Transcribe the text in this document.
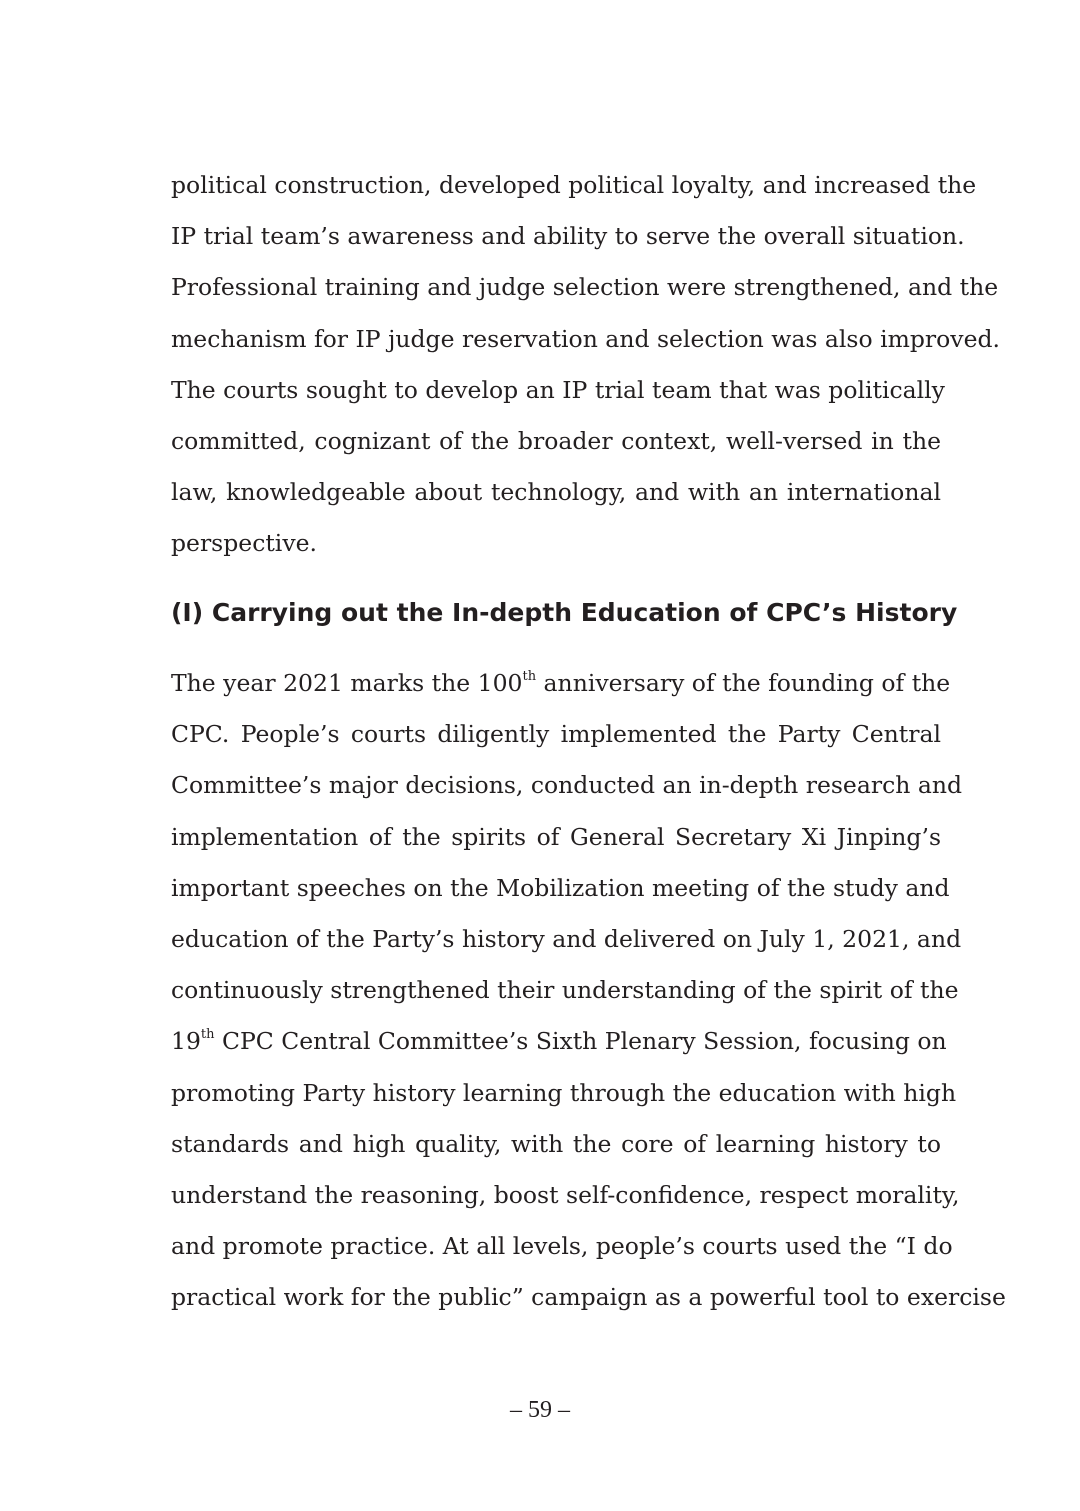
political construction, developed political loyalty, and increased the
IP trial team’s awareness and ability to serve the overall situation.
Professional training and judge selection were strengthened, and the
mechanism for IP judge reservation and selection was also improved.
The courts sought to develop an IP trial team that was politically
committed, cognizant of the broader context, well-versed in the
law, knowledgeable about technology, and with an international
perspective.
(I) Carrying out the In-depth Education of CPC’s History
The year 2021 marks the 100th anniversary of the founding of the
CPC. People’s courts diligently implemented the Party Central
Committee’s major decisions, conducted an in-depth research and
implementation of the spirits of General Secretary Xi Jinping’s
important speeches on the Mobilization meeting of the study and
education of the Party’s history and delivered on July 1, 2021, and
continuously strengthened their understanding of the spirit of the
19th CPC Central Committee’s Sixth Plenary Session, focusing on
promoting Party history learning through the education with high
standards and high quality, with the core of learning history to
understand the reasoning, boost self-confidence, respect morality,
and promote practice. At all levels, people’s courts used the “I do
practical work for the public” campaign as a powerful tool to exercise
– 59 –
